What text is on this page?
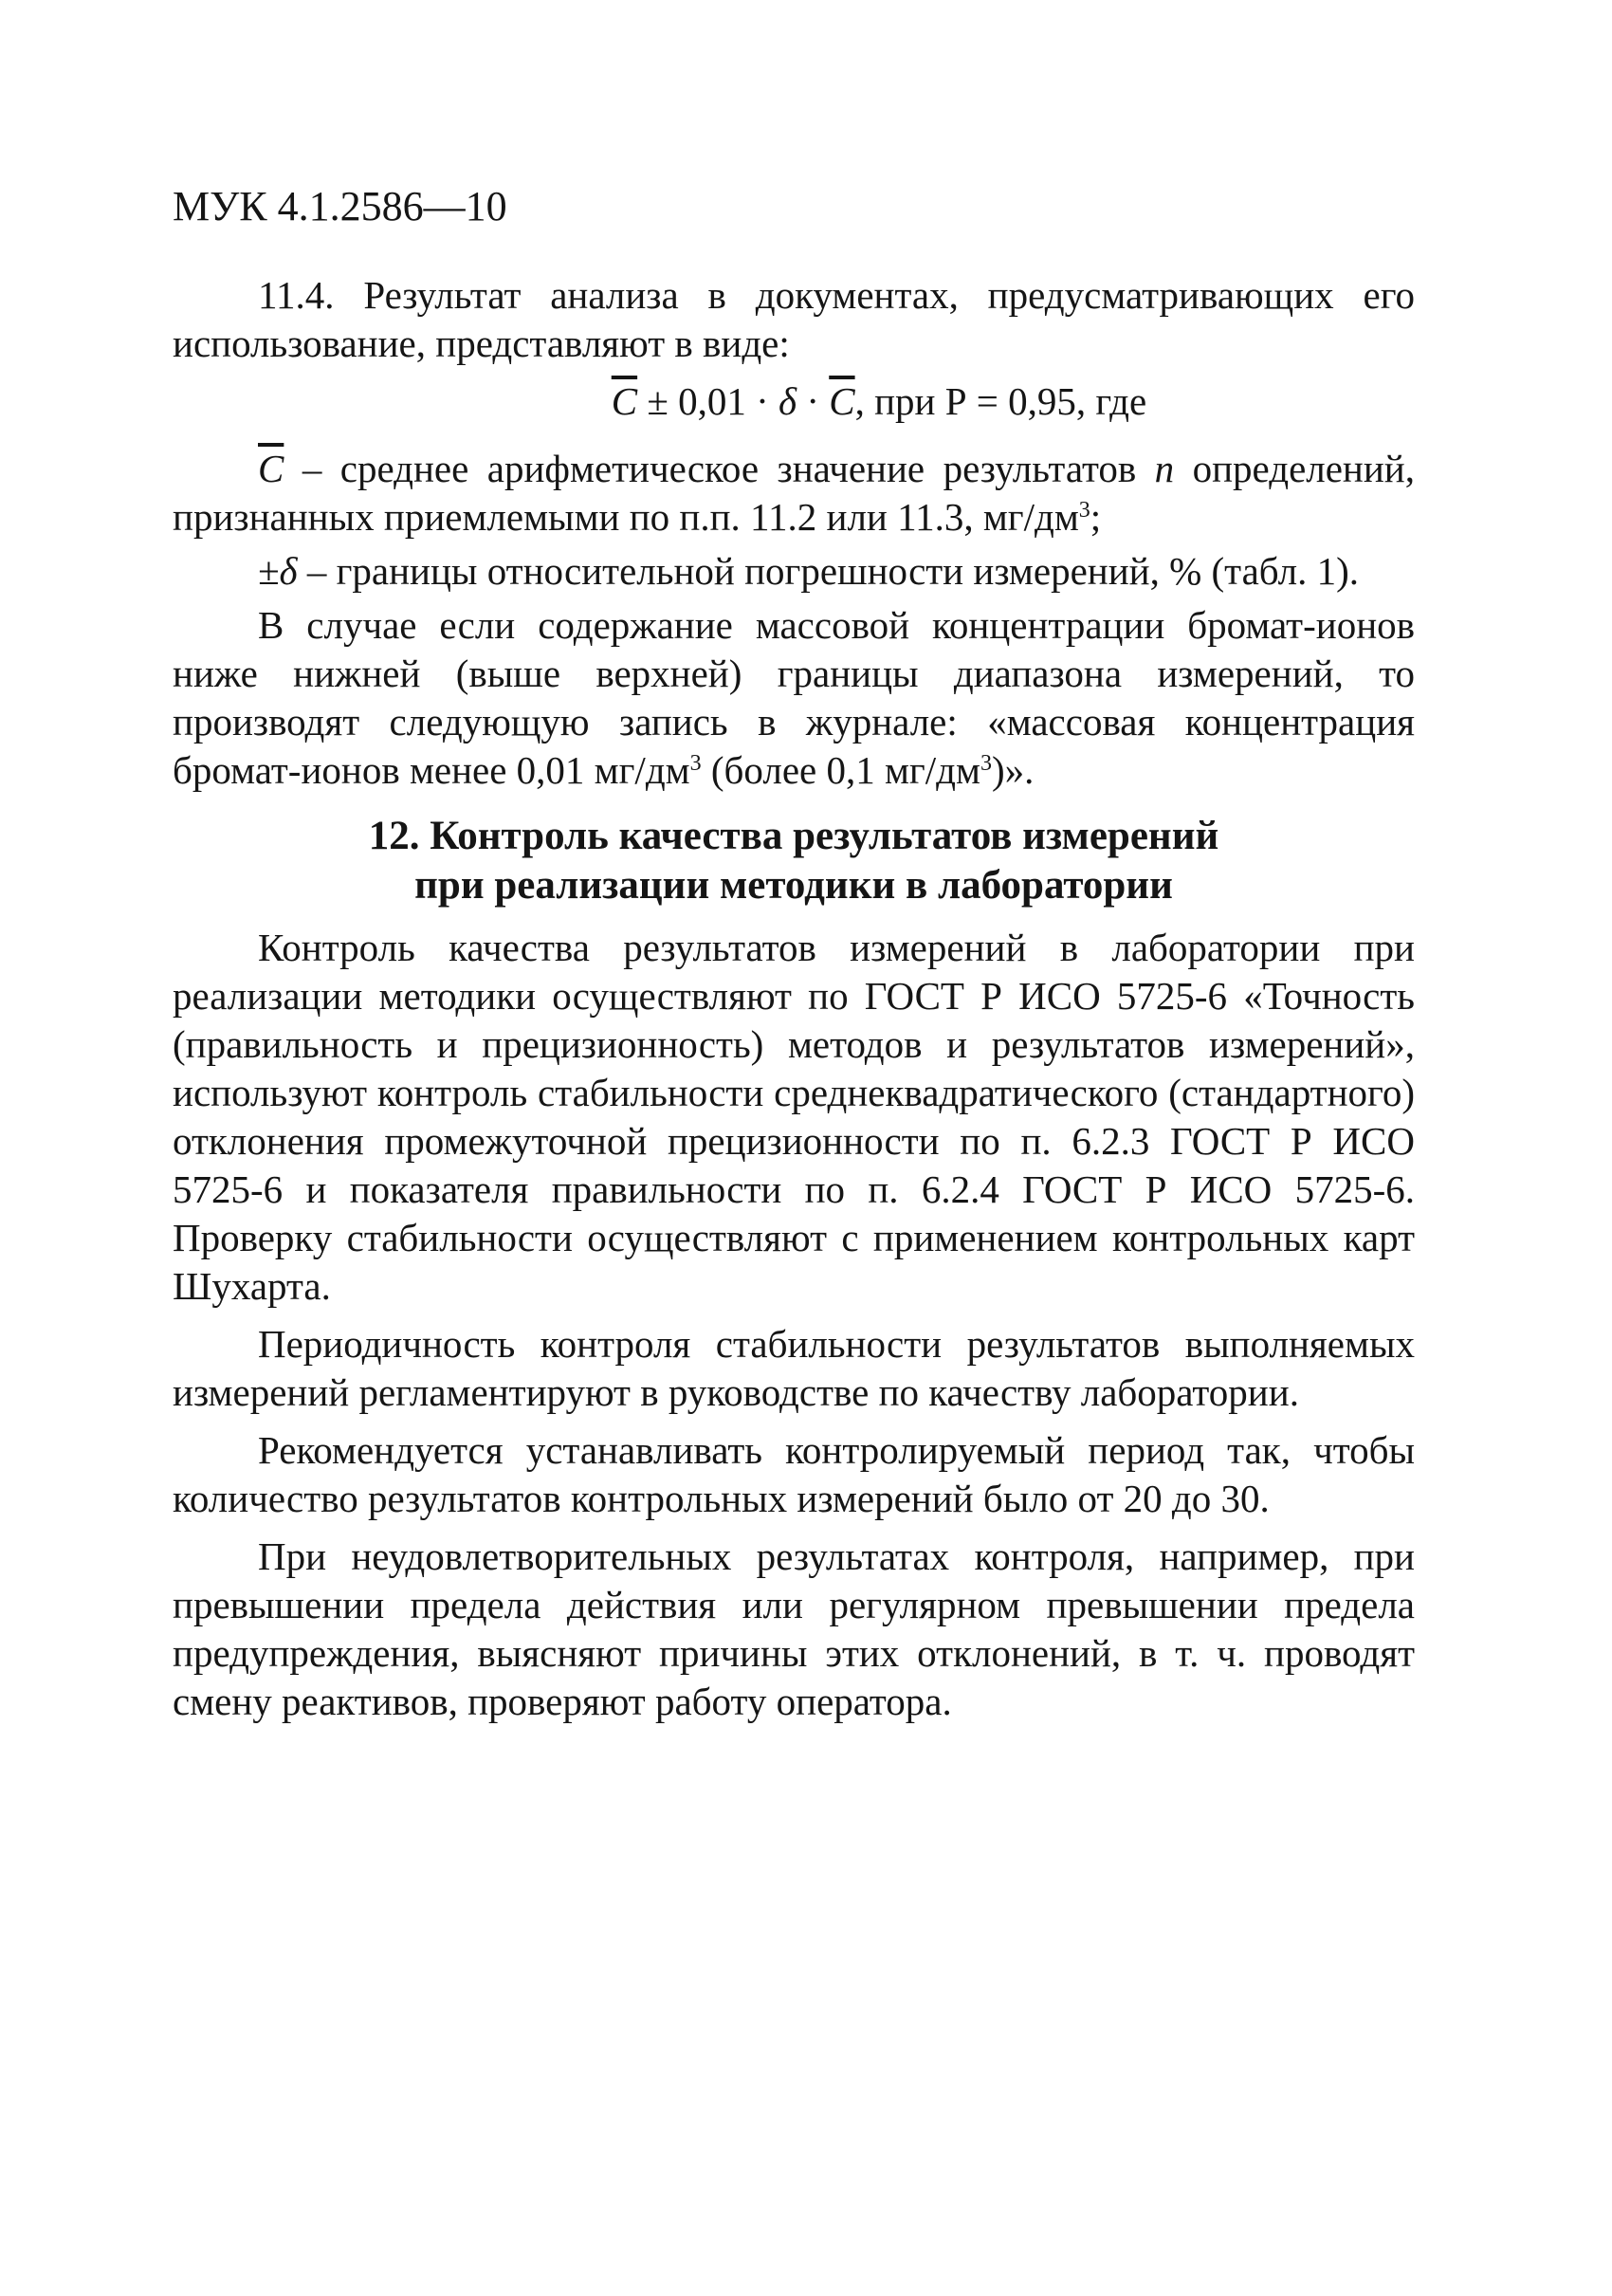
МУК 4.1.2586—10

11.4. Результат анализа в документах, предусматривающих его использование, представляют в виде:

$\overline{C} \pm 0,01 \cdot \delta \cdot \overline{C}$, при Р = 0,95, где

$\overline{C}$ – среднее арифметическое значение результатов n определений, признанных приемлемыми по п.п. 11.2 или 11.3, $мг/дм^3$;

±δ – границы относительной погрешности измерений, % (табл. 1).

В случае если содержание массовой концентрации бромат-ионов ниже нижней (выше верхней) границы диапазона измерений, то производят следующую запись в журнале: «массовая концентрация бромат-ионов менее 0,01 $мг/дм^3$ (более 0,1 $мг/дм^3$)».

12. Контроль качества результатов измерений
при реализации методики в лаборатории

Контроль качества результатов измерений в лаборатории при реализации методики осуществляют по ГОСТ Р ИСО 5725-6 «Точность (правильность и прецизионность) методов и результатов измерений», используют контроль стабильности среднеквадратического (стандартного) отклонения промежуточной прецизионности по п. 6.2.3 ГОСТ Р ИСО 5725-6 и показателя правильности по п. 6.2.4 ГОСТ Р ИСО 5725-6. Проверку стабильности осуществляют с применением контрольных карт Шухарта.

Периодичность контроля стабильности результатов выполняемых измерений регламентируют в руководстве по качеству лаборатории.

Рекомендуется устанавливать контролируемый период так, чтобы количество результатов контрольных измерений было от 20 до 30.

При неудовлетворительных результатах контроля, например, при превышении предела действия или регулярном превышении предела предупреждения, выясняют причины этих отклонений, в т. ч. проводят смену реактивов, проверяют работу оператора.
